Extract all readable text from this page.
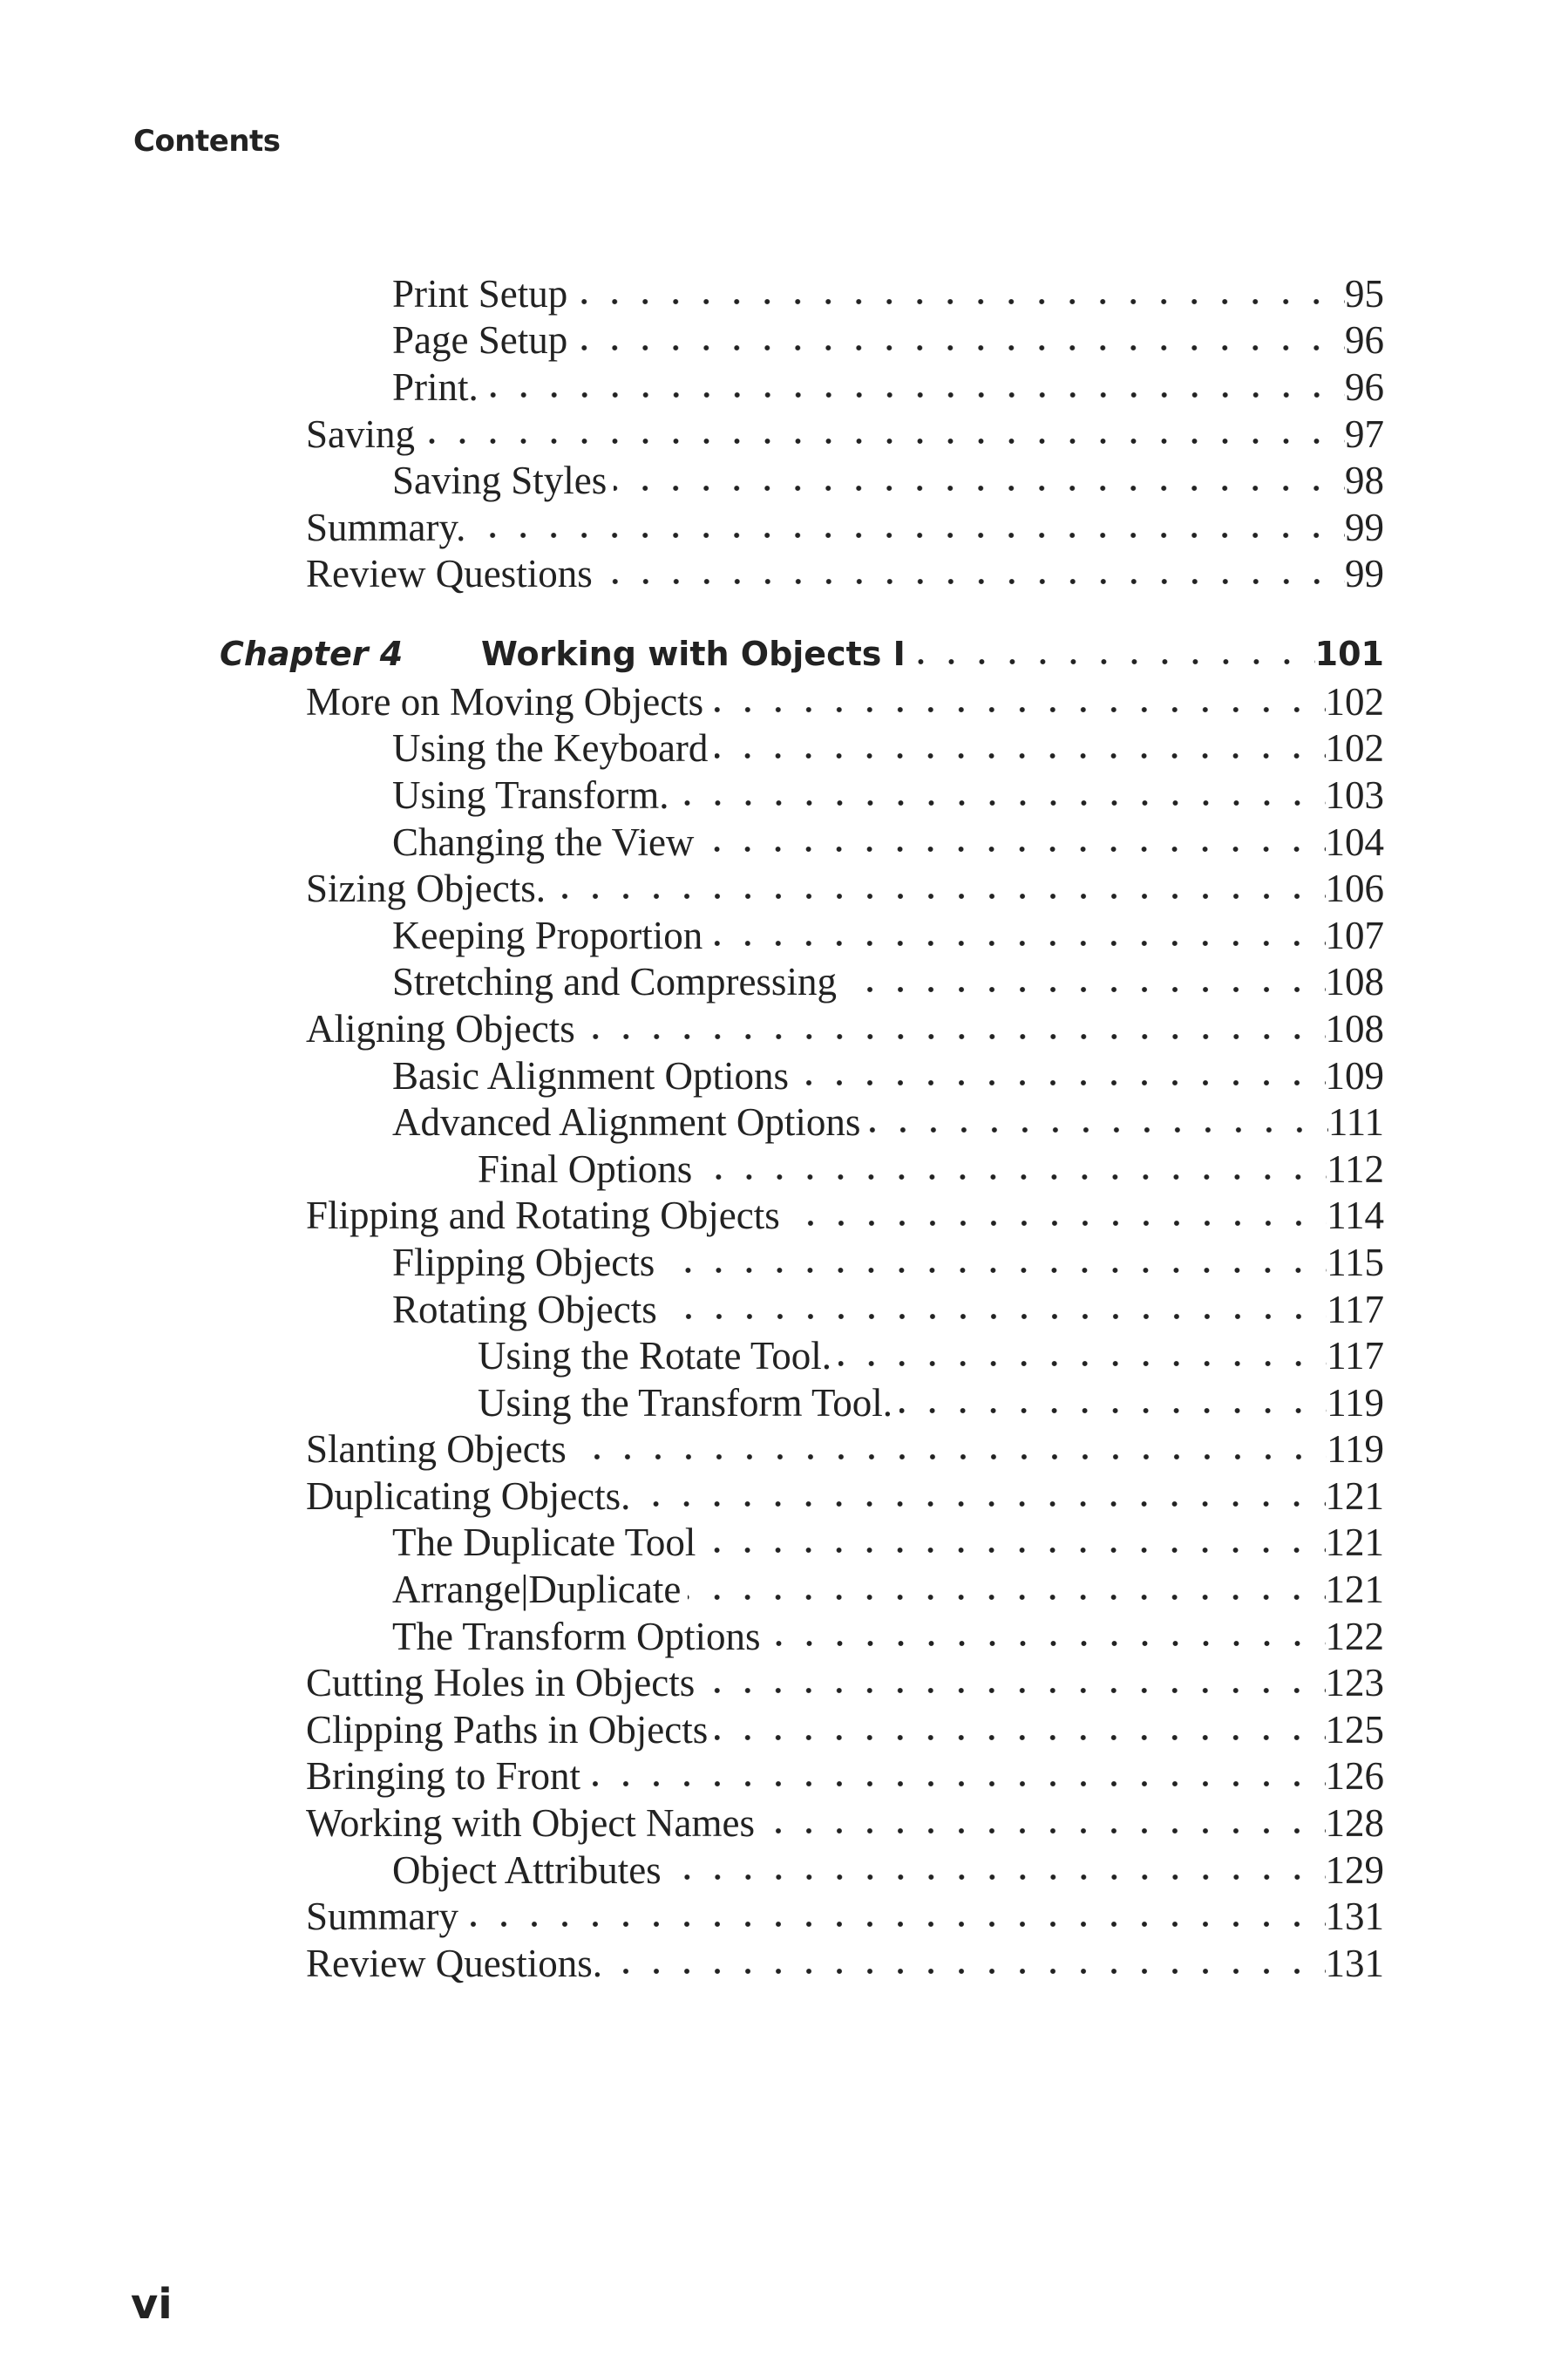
Contents
Print Setup	95
Page Setup	96
Print.	96
Saving	97
Saving Styles	98
Summary.	99
Review Questions	99
Chapter 4 Working with Objects I	101
More on Moving Objects	102
Using the Keyboard	102
Using Transform.	103
Changing the View	104
Sizing Objects.	106
Keeping Proportion	107
Stretching and Compressing	108
Aligning Objects	108
Basic Alignment Options	109
Advanced Alignment Options	111
Final Options	112
Flipping and Rotating Objects	114
Flipping Objects	115
Rotating Objects	117
Using the Rotate Tool.	117
Using the Transform Tool.	119
Slanting Objects	119
Duplicating Objects.	121
The Duplicate Tool	121
Arrange|Duplicate	121
The Transform Options	122
Cutting Holes in Objects	123
Clipping Paths in Objects	125
Bringing to Front	126
Working with Object Names	128
Object Attributes	129
Summary	131
Review Questions.	131
vi
